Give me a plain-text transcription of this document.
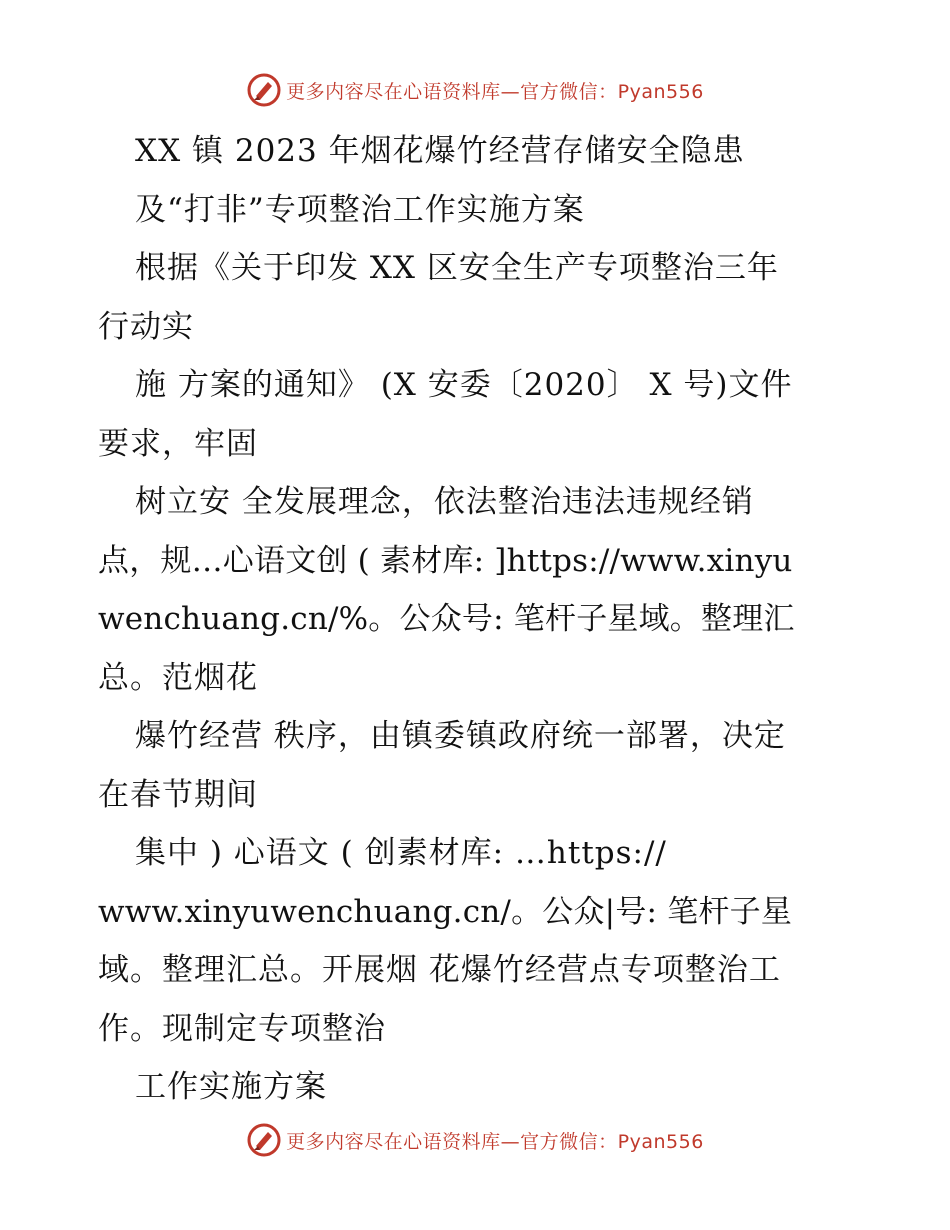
更多内容尽在心语资料库—官方微信：Pyan556
XX 镇 2023 年烟花爆竹经营存储安全隐患
及“打非”专项整治工作实施方案
根据《关于印发 XX 区安全生产专项整治三年
行动实
施 方案的通知》 (X 安委〔2020〕 X 号)文件
要求，牢固
树立安 全发展理念，依法整治违法违规经销
点，规…心语文创 ( 素材库: ]https://www.xinyu
wenchuang.cn/%。公众号: 笔杆子星域。整理汇
总。范烟花
爆竹经营 秩序，由镇委镇政府统一部署，决定
在春节期间
集中 ) 心语文 ( 创素材库: …https://
www.xinyuwenchuang.cn/。公众|号: 笔杆子星
域。整理汇总。开展烟 花爆竹经营点专项整治工
作。现制定专项整治
工作实施方案
更多内容尽在心语资料库—官方微信：Pyan556
